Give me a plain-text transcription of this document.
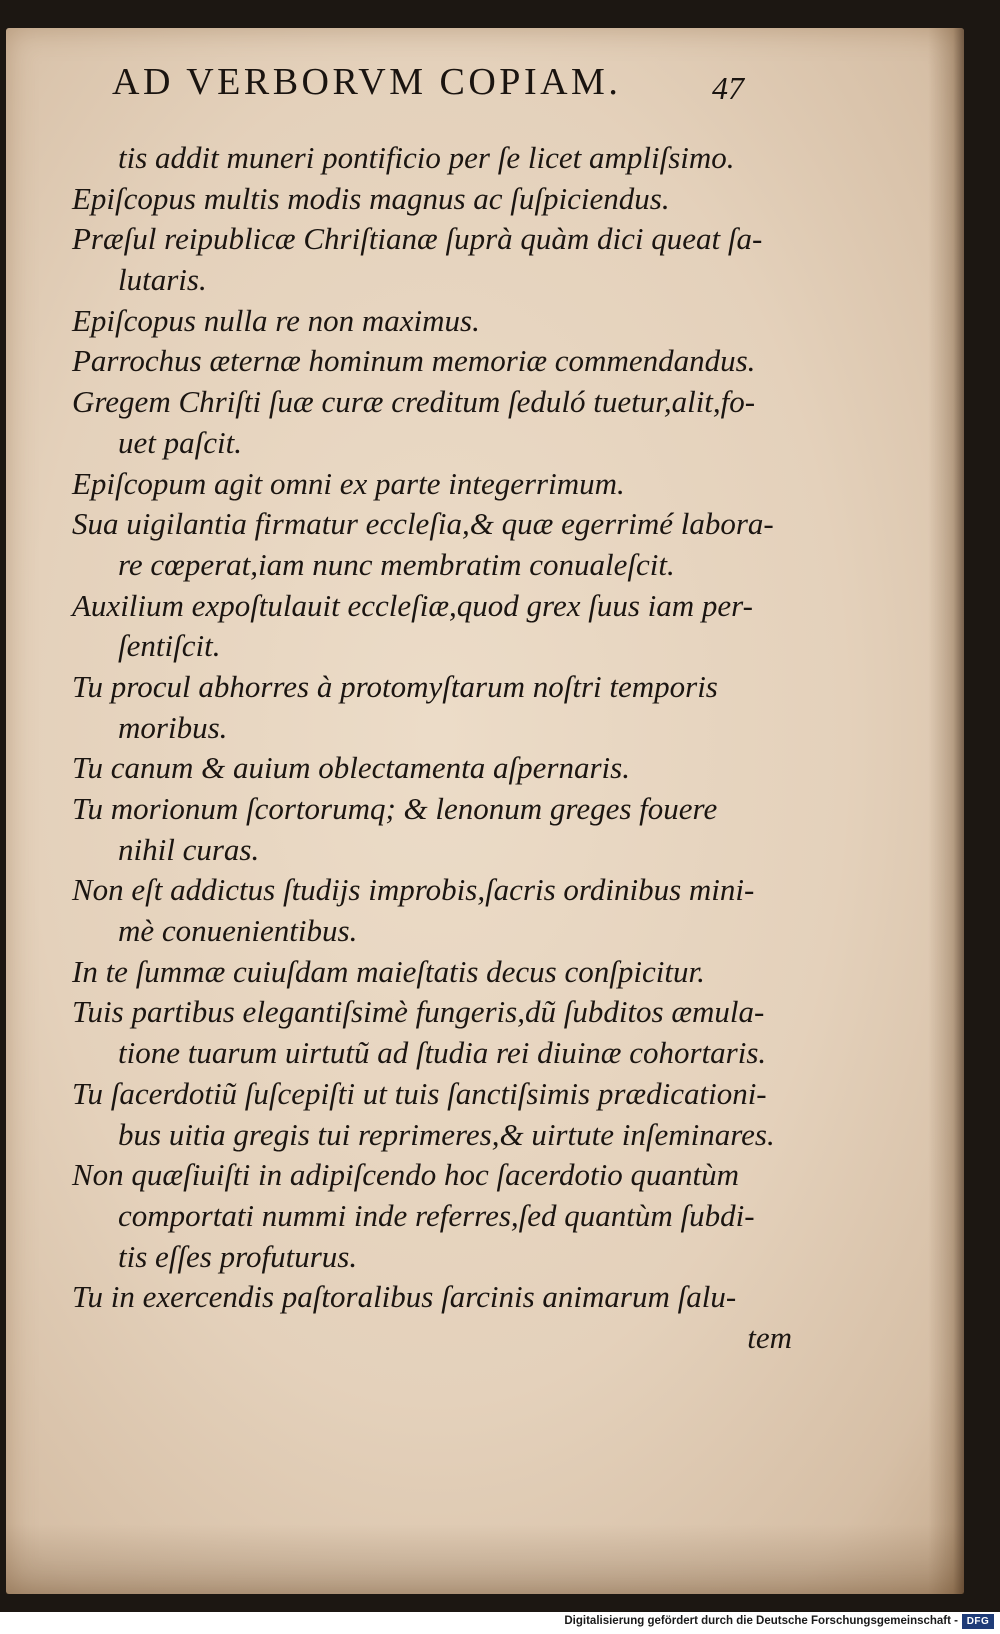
AD VERBORVM COPIAM.	47
tis addit muneri pontificio per ſe licet ampliſsimo.
Epiſcopus multis modis magnus ac ſuſpiciendus.
Præſul reipublicæ Chriſtianæ ſuprà quàm dici queat ſa-
lutaris.
Epiſcopus nulla re non maximus.
Parrochus æternæ hominum memoriæ commendandus.
Gregem Chriſti ſuæ curæ creditum ſeduló tuetur,alit,fo-
uet paſcit.
Epiſcopum agit omni ex parte integerrimum.
Sua uigilantia firmatur eccleſia,& quæ egerrimé labora-
re cœperat,iam nunc membratim conualeſcit.
Auxilium expoſtulauit eccleſiæ,quod grex ſuus iam per-
ſentiſcit.
Tu procul abhorres à protomyſtarum noſtri temporis
moribus.
Tu canum & auium oblectamenta aſpernaris.
Tu morionum ſcortorumq; & lenonum greges fouere
nihil curas.
Non eſt addictus ſtudijs improbis,ſacris ordinibus mini-
mè conuenientibus.
In te ſummæ cuiuſdam maieſtatis decus conſpicitur.
Tuis partibus elegantiſsimè fungeris,dũ ſubditos æmula-
tione tuarum uirtutũ ad ſtudia rei diuinæ cohortaris.
Tu ſacerdotiũ ſuſcepiſti ut tuis ſanctiſsimis prædicationi-
bus uitia gregis tui reprimeres,& uirtute inſeminares.
Non quæſiuiſti in adipiſcendo hoc ſacerdotio quantùm
comportati nummi inde referres,ſed quantùm ſubdi-
tis eſſes profuturus.
Tu in exercendis paſtoralibus ſarcinis animarum ſalu-
tem
Digitalisierung gefördert durch die Deutsche Forschungsgemeinschaft - DFG
